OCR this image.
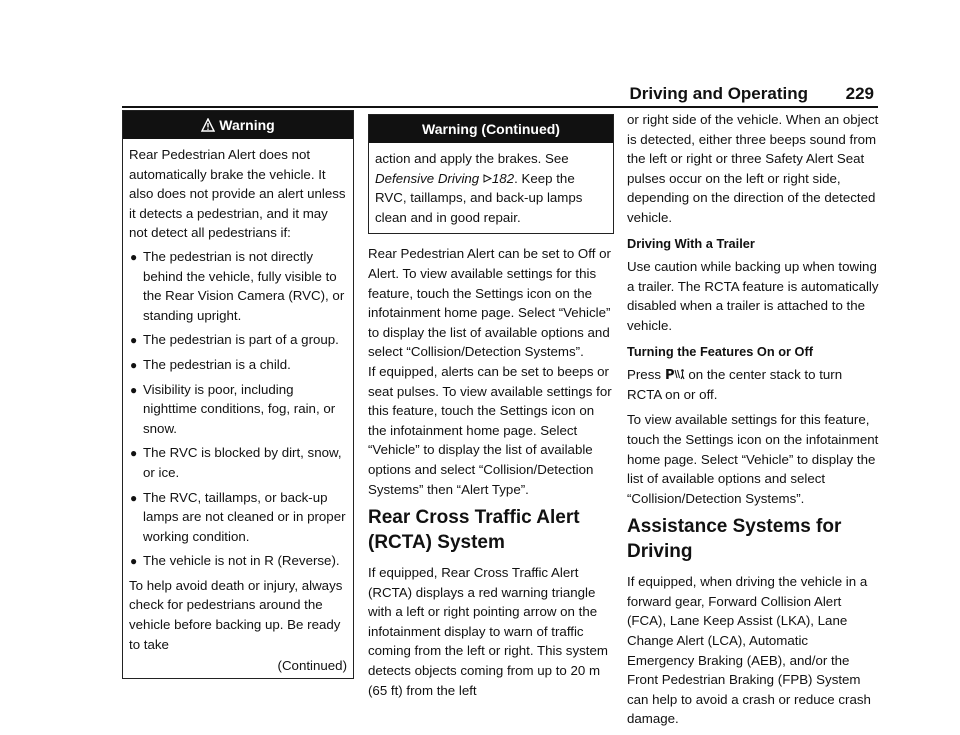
Driving and Operating 229
Warning

Rear Pedestrian Alert does not automatically brake the vehicle. It also does not provide an alert unless it detects a pedestrian, and it may not detect all pedestrians if:

● The pedestrian is not directly behind the vehicle, fully visible to the Rear Vision Camera (RVC), or standing upright.
● The pedestrian is part of a group.
● The pedestrian is a child.
● Visibility is poor, including nighttime conditions, fog, rain, or snow.
● The RVC is blocked by dirt, snow, or ice.
● The RVC, taillamps, or back-up lamps are not cleaned or in proper working condition.
● The vehicle is not in R (Reverse).

To help avoid death or injury, always check for pedestrians around the vehicle before backing up. Be ready to take

(Continued)
Warning (Continued)

action and apply the brakes. See Defensive Driving 182. Keep the RVC, taillamps, and back-up lamps clean and in good repair.

Rear Pedestrian Alert can be set to Off or Alert. To view available settings for this feature, touch the Settings icon on the infotainment home page. Select “Vehicle” to display the list of available options and select “Collision/Detection Systems”.

If equipped, alerts can be set to beeps or seat pulses. To view available settings for this feature, touch the Settings icon on the infotainment home page. Select “Vehicle” to display the list of available options and select “Collision/Detection Systems” then “Alert Type”.

Rear Cross Traffic Alert (RCTA) System

If equipped, Rear Cross Traffic Alert (RCTA) displays a red warning triangle with a left or right pointing arrow on the infotainment display to warn of traffic coming from the left or right. This system detects objects coming from up to 20 m (65 ft) from the left

or right side of the vehicle. When an object is detected, either three beeps sound from the left or right or three Safety Alert Seat pulses occur on the left or right side, depending on the direction of the detected vehicle.

Driving With a Trailer

Use caution while backing up when towing a trailer. The RCTA feature is automatically disabled when a trailer is attached to the vehicle.

Turning the Features On or Off

Press P on the center stack to turn RCTA on or off.

To view available settings for this feature, touch the Settings icon on the infotainment home page. Select “Vehicle” to display the list of available options and select “Collision/Detection Systems”.

Assistance Systems for Driving

If equipped, when driving the vehicle in a forward gear, Forward Collision Alert (FCA), Lane Keep Assist (LKA), Lane Change Alert (LCA), Automatic Emergency Braking (AEB), and/or the Front Pedestrian Braking (FPB) System can help to avoid a crash or reduce crash damage.
